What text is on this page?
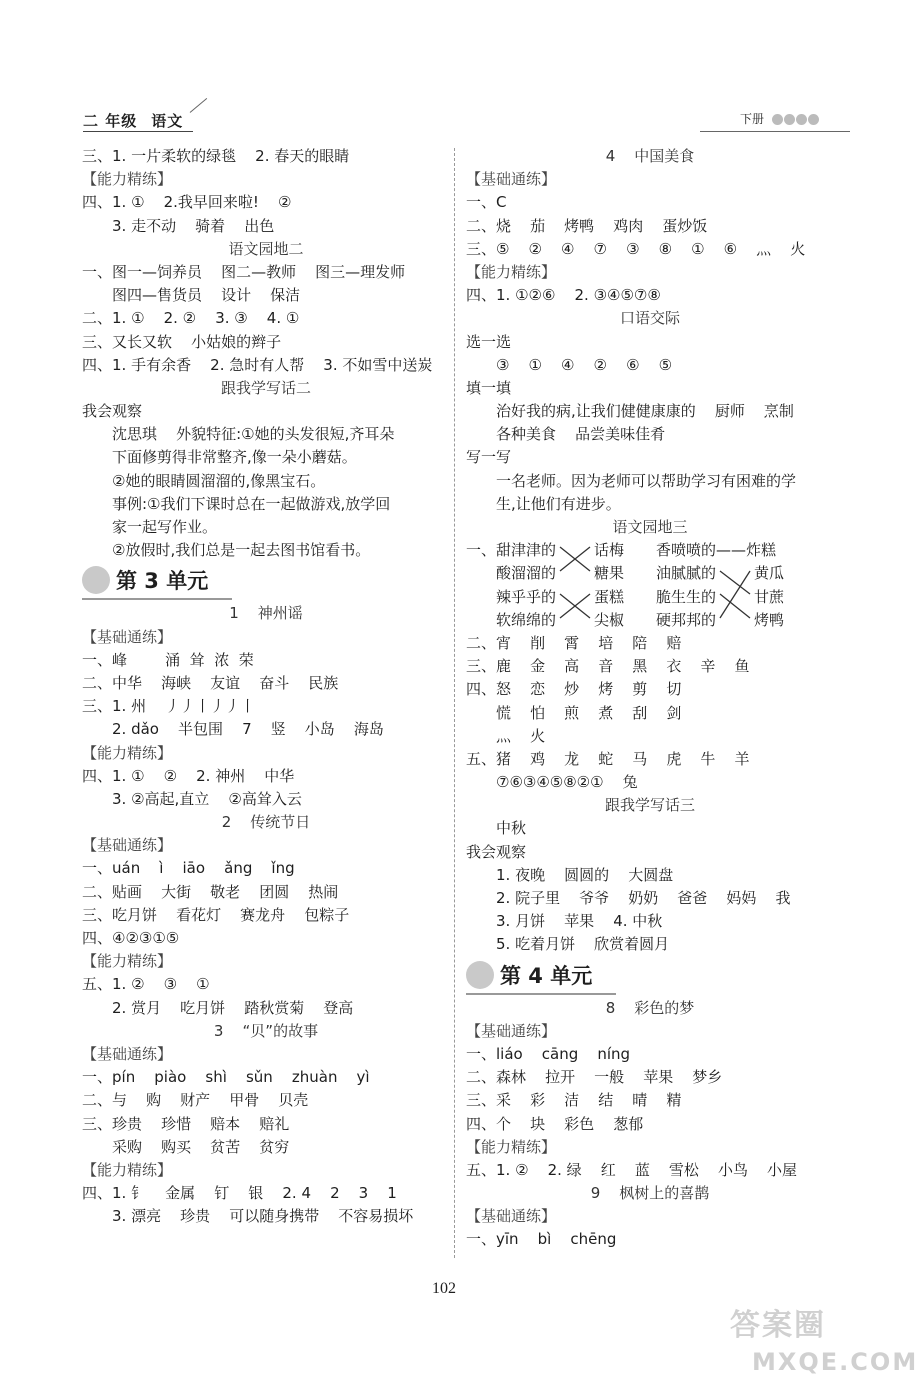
二 年级 语文	下册
三、1. 一片柔软的绿毯    2. 春天的眼睛
【能力精练】
四、1. ①    2.我早回来啦!    ②
3. 走不动    骑着    出色
语文园地二
一、图一—饲养员    图二—教师    图三—理发师
图四—售货员    设计    保洁
二、1. ①    2. ②    3. ③    4. ①
三、又长又软    小姑娘的辫子
四、1. 手有余香    2. 急时有人帮    3. 不如雪中送炭
跟我学写话二
我会观察
沈思琪    外貌特征:①她的头发很短,齐耳朵
下面修剪得非常整齐,像一朵小蘑菇。
②她的眼睛圆溜溜的,像黑宝石。
事例:①我们下课时总在一起做游戏,放学回
家一起写作业。
②放假时,我们总是一起去图书馆看书。
第 3 单元
1    神州谣
【基础通练】
一、峰        涌  耸  浓  荣
二、中华    海峡    友谊    奋斗    民族
三、1. 州    丿丿丨丿丿丨
2. dǎo    半包围    7    竖    小岛    海岛
【能力精练】
四、1. ①    ②    2. 神州    中华
3. ②高起,直立    ②高耸入云
2    传统节日
【基础通练】
一、uán    ì    iāo    ǎng    ǐng
二、贴画    大街    敬老    团圆    热闹
三、吃月饼    看花灯    赛龙舟    包粽子
四、④②③①⑤
【能力精练】
五、1. ②    ③    ①
2. 赏月    吃月饼    踏秋赏菊    登高
3    “贝”的故事
【基础通练】
一、pín    piào    shì    sǔn    zhuàn    yì
二、与    购    财产    甲骨    贝壳
三、珍贵    珍惜    赔本    赔礼
采购    购买    贫苦    贫穷
【能力精练】
四、1. 钅    金属    钉    银    2. 4    2    3    1
3. 漂亮    珍贵    可以随身携带    不容易损坏
4    中国美食
【基础通练】
一、C
二、烧    茄    烤鸭    鸡肉    蛋炒饭
三、⑤    ②    ④    ⑦    ③    ⑧    ①    ⑥    灬    火
【能力精练】
四、1. ①②⑥    2. ③④⑤⑦⑧
口语交际
选一选
③    ①    ④    ②    ⑥    ⑤
填一填
治好我的病,让我们健健康康的    厨师    烹制
各种美食    品尝美味佳肴
写一写
一名老师。因为老师可以帮助学习有困难的学
生,让他们有进步。
语文园地三
一、甜津津的
酸溜溜的
辣乎乎的
软绵绵的
话梅
糖果
蛋糕
尖椒
香喷喷的——炸糕
油腻腻的
脆生生的
硬邦邦的
黄瓜
甘蔗
烤鸭
二、宵    削    霄    培    陪    赔
三、鹿    金    高    音    黑    衣    辛    鱼
四、怒    恋    炒    烤    剪    切
慌    怕    煎    煮    刮    剑
灬    火
五、猪    鸡    龙    蛇    马    虎    牛    羊
⑦⑥③④⑤⑧②①    兔
跟我学写话三
中秋
我会观察
1. 夜晚    圆圆的    大圆盘
2. 院子里    爷爷    奶奶    爸爸    妈妈    我
3. 月饼    苹果    4. 中秋
5. 吃着月饼    欣赏着圆月
第 4 单元
8    彩色的梦
【基础通练】
一、liáo    cāng    níng
二、森林    拉开    一般    苹果    梦乡
三、采    彩    洁    结    晴    精
四、个    块    彩色    葱郁
【能力精练】
五、1. ②    2. 绿    红    蓝    雪松    小鸟    小屋
9    枫树上的喜鹊
【基础通练】
一、yīn    bì    chēng
102
答案圈
MXQE.COM
